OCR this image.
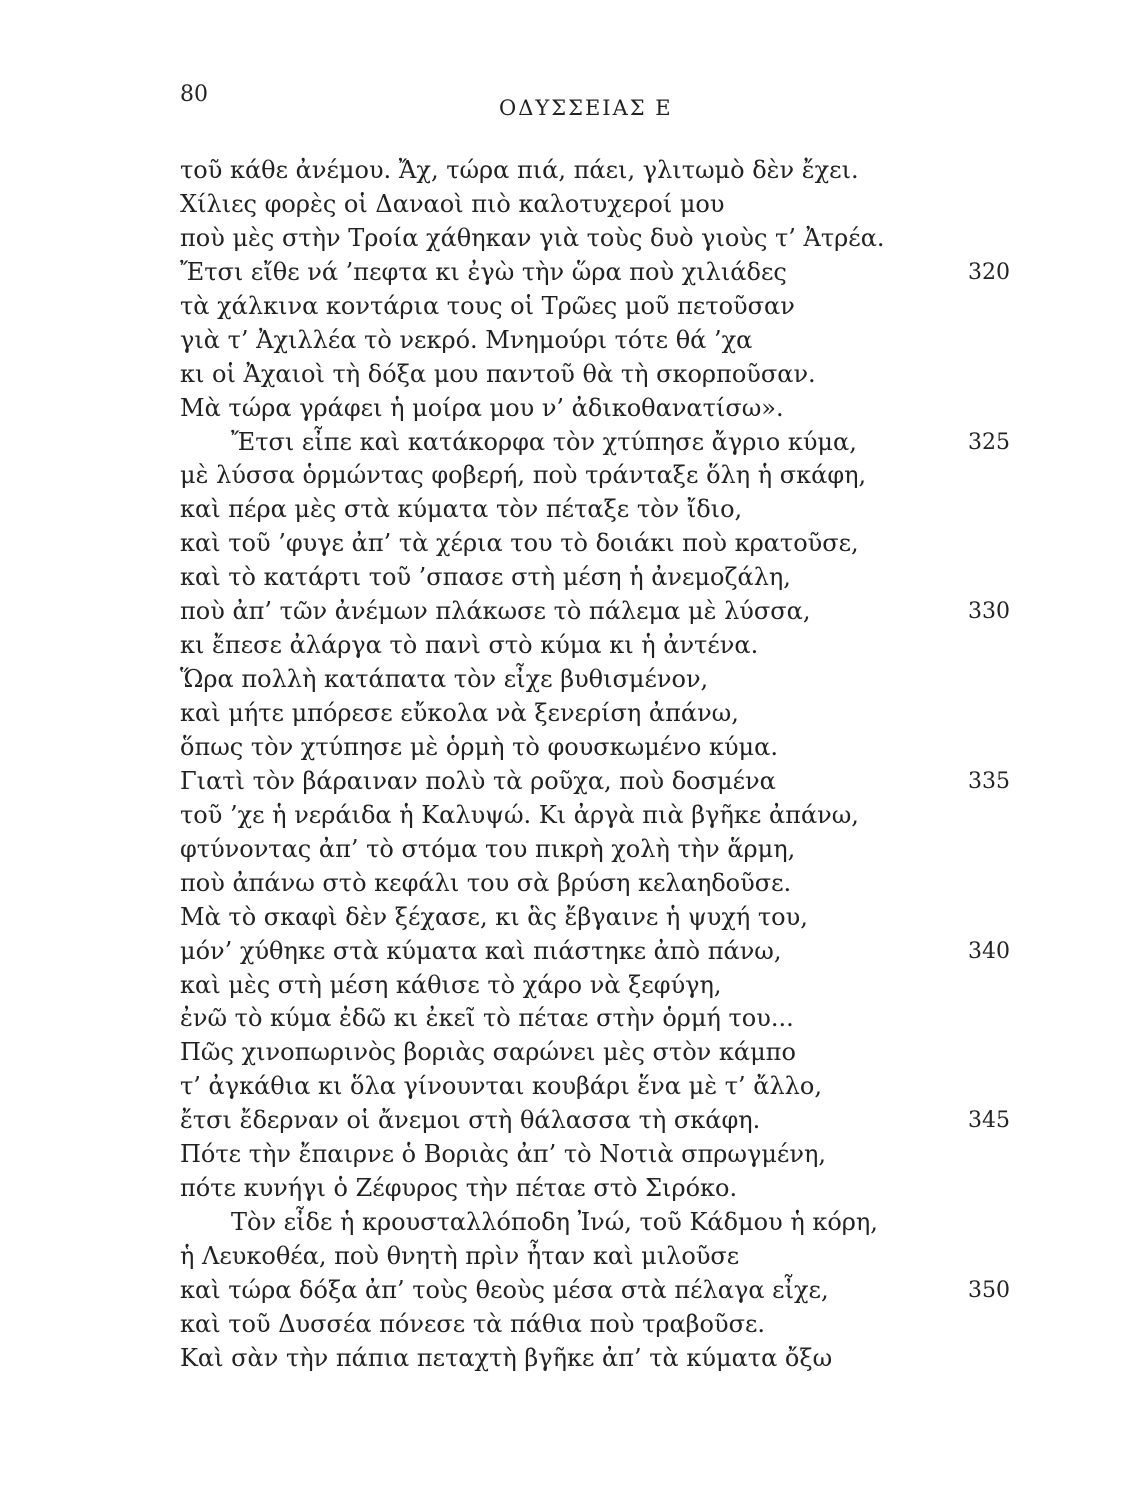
80
ΟΔΥΣΣΕΙΑΣ Ε
τοῦ κάθε ἀνέμου. Ἄχ, τώρα πιά, πάει, γλιτωμὸ δὲν ἔχει.
Χίλιες φορὲς οἱ Δαναοὶ πιὸ καλοτυχεροί μου
ποὺ μὲς στὴν Τροία χάθηκαν γιὰ τοὺς δυὸ γιοὺς τ’ Ἀτρέα.
Ἔτσι εἴθε νά ’πεφτα κι ἐγὼ τὴν ὥρα ποὺ χιλιάδες	320
τὰ χάλκινα κοντάρια τους οἱ Τρῶες μοῦ πετοῦσαν
γιὰ τ’ Ἀχιλλέα τὸ νεκρό. Μνημούρι τότε θά ’χα
κι οἱ Ἀχαιοὶ τὴ δόξα μου παντοῦ θὰ τὴ σκορποῦσαν.
Μὰ τώρα γράφει ἡ μοίρα μου ν’ ἀδικοθανατίσω».
Ἔτσι εἶπε καὶ κατάκορφα τὸν χτύπησε ἄγριο κύμα,	325
μὲ λύσσα ὁρμώντας φοβερή, ποὺ τράνταξε ὅλη ἡ σκάφη,
καὶ πέρα μὲς στὰ κύματα τὸν πέταξε τὸν ἴδιο,
καὶ τοῦ ’φυγε ἀπ’ τὰ χέρια του τὸ δοιάκι ποὺ κρατοῦσε,
καὶ τὸ κατάρτι τοῦ ’σπασε στὴ μέση ἡ ἀνεμοζάλη,
ποὺ ἀπ’ τῶν ἀνέμων πλάκωσε τὸ πάλεμα μὲ λύσσα,	330
κι ἔπεσε ἀλάργα τὸ πανὶ στὸ κύμα κι ἡ ἀντένα.
Ὥρα πολλὴ κατάπατα τὸν εἶχε βυθισμένον,
καὶ μήτε μπόρεσε εὔκολα νὰ ξενερίση ἀπάνω,
ὅπως τὸν χτύπησε μὲ ὁρμὴ τὸ φουσκωμένο κύμα.
Γιατὶ τὸν βάραιναν πολὺ τὰ ροῦχα, ποὺ δοσμένα	335
τοῦ ’χε ἡ νεράιδα ἡ Καλυψώ. Κι ἀργὰ πιὰ βγῆκε ἀπάνω,
φτύνοντας ἀπ’ τὸ στόμα του πικρὴ χολὴ τὴν ἅρμη,
ποὺ ἀπάνω στὸ κεφάλι του σὰ βρύση κελαηδοῦσε.
Μὰ τὸ σκαφὶ δὲν ξέχασε, κι ἃς ἔβγαινε ἡ ψυχή του,
μόν’ χύθηκε στὰ κύματα καὶ πιάστηκε ἀπὸ πάνω,	340
καὶ μὲς στὴ μέση κάθισε τὸ χάρο νὰ ξεφύγη,
ἐνῶ τὸ κύμα ἐδῶ κι ἐκεῖ τὸ πέταε στὴν ὁρμή του...
Πῶς χινοπωρινὸς βοριὰς σαρώνει μὲς στὸν κάμπο
τ’ ἀγκάθια κι ὅλα γίνουνται κουβάρι ἕνα μὲ τ’ ἄλλο,
ἔτσι ἔδερναν οἱ ἄνεμοι στὴ θάλασσα τὴ σκάφη.	345
Πότε τὴν ἔπαιρνε ὁ Βοριὰς ἀπ’ τὸ Νοτιὰ σπρωγμένη,
πότε κυνήγι ὁ Ζέφυρος τὴν πέταε στὸ Σιρόκο.
Τὸν εἶδε ἡ κρουσταλλόποδη Ἰνώ, τοῦ Κάδμου ἡ κόρη,
ἡ Λευκοθέα, ποὺ θνητὴ πρὶν ἦταν καὶ μιλοῦσε
καὶ τώρα δόξα ἀπ’ τοὺς θεοὺς μέσα στὰ πέλαγα εἶχε,	350
καὶ τοῦ Δυσσέα πόνεσε τὰ πάθια ποὺ τραβοῦσε.
Καὶ σὰν τὴν πάπια πεταχτὴ βγῆκε ἀπ’ τὰ κύματα ὄξω
